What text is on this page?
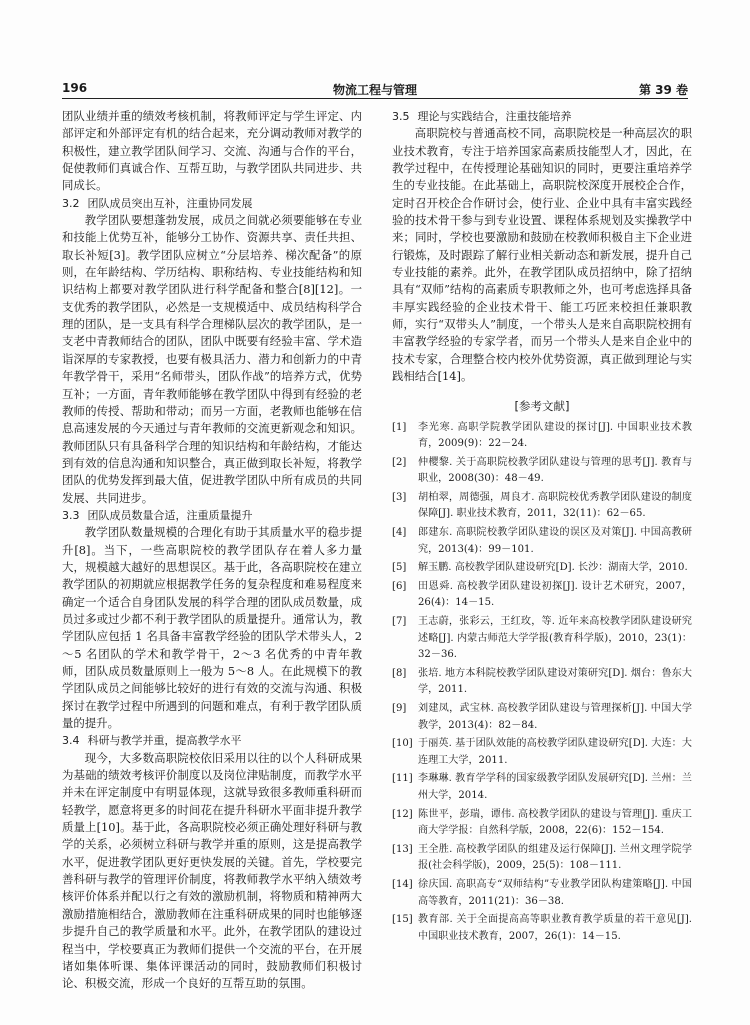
196	物流工程与管理	第 39 卷

团队业绩并重的绩效考核机制，将教师评定与学生评定、内部评定和外部评定有机的结合起来，充分调动教师对教学的积极性，建立教学团队间学习、交流、沟通与合作的平台，促使教师们真诚合作、互帮互助，与教学团队共同进步、共同成长。

3.2 团队成员突出互补，注重协同发展

教学团队要想蓬勃发展，成员之间就必须要能够在专业和技能上优势互补，能够分工协作、资源共享、责任共担、取长补短[3]。教学团队应树立“分层培养、梯次配备”的原则，在年龄结构、学历结构、职称结构、专业技能结构和知识结构上都要对教学团队进行科学配备和整合[8][12]。一支优秀的教学团队，必然是一支规模适中、成员结构科学合理的团队，是一支具有科学合理梯队层次的教学团队，是一支老中青教师结合的团队，团队中既要有经验丰富、学术造诣深厚的专家教授，也要有极具活力、潜力和创新力的中青年教学骨干，采用“名师带头，团队作战”的培养方式，优势互补；一方面，青年教师能够在教学团队中得到有经验的老教师的传授、帮助和带动；而另一方面，老教师也能够在信息高速发展的今天通过与青年教师的交流更新观念和知识。教师团队只有具备科学合理的知识结构和年龄结构，才能达到有效的信息沟通和知识整合，真正做到取长补短，将教学团队的优势发挥到最大值，促进教学团队中所有成员的共同发展、共同进步。

3.3 团队成员数量合适，注重质量提升

教学团队数量规模的合理化有助于其质量水平的稳步提升[8]。当下，一些高职院校的教学团队存在着人多力量大，规模越大越好的思想误区。基于此，各高职院校在建立教学团队的初期就应根据教学任务的复杂程度和难易程度来确定一个适合自身团队发展的科学合理的团队成员数量，成员过多或过少都不利于教学团队的质量提升。通常认为，教学团队应包括 1 名具备丰富教学经验的团队学术带头人，2～5 名团队的学术和教学骨干，2～3 名优秀的中青年教师，团队成员数量原则上一般为 5～8 人。在此规模下的教学团队成员之间能够比较好的进行有效的交流与沟通、积极探讨在教学过程中所遇到的问题和难点，有利于教学团队质量的提升。

3.4 科研与教学并重，提高教学水平

现今，大多数高职院校依旧采用以往的以个人科研成果为基础的绩效考核评价制度以及岗位津贴制度，而教学水平并未在评定制度中有明显体现，这就导致很多教师重科研而轻教学，愿意将更多的时间花在提升科研水平面非提升教学质量上[10]。基于此，各高职院校必须正确处理好科研与教学的关系，必须树立科研与教学并重的原则，这是提高教学水平，促进教学团队更好更快发展的关键。首先，学校要完善科研与教学的管理评价制度，将教师教学水平纳入绩效考核评价体系并配以行之有效的激励机制，将物质和精神两大激励措施相结合，激励教师在注重科研成果的同时也能够逐步提升自己的教学质量和水平。此外，在教学团队的建设过程当中，学校要真正为教师们提供一个交流的平台，在开展诸如集体听课、集体评课活动的同时，鼓励教师们积极讨论、积极交流，形成一个良好的互帮互助的氛围。

3.5 理论与实践结合，注重技能培养

高职院校与普通高校不同，高职院校是一种高层次的职业技术教育，专注于培养国家高素质技能型人才，因此，在教学过程中，在传授理论基础知识的同时，更要注重培养学生的专业技能。在此基础上，高职院校深度开展校企合作，定时召开校企合作研讨会，使行业、企业中具有丰富实践经验的技术骨干参与到专业设置、课程体系规划及实操教学中来；同时，学校也要激励和鼓励在校教师积极自主下企业进行锻炼，及时跟踪了解行业相关新动态和新发展，提升自己专业技能的素养。此外，在教学团队成员招纳中，除了招纳具有“双师”结构的高素质专职教师之外，也可考虑选择具备丰厚实践经验的企业技术骨干、能工巧匠来校担任兼职教师，实行“双带头人”制度，一个带头人是来自高职院校拥有丰富教学经验的专家学者，而另一个带头人是来自企业中的技术专家，合理整合校内校外优势资源，真正做到理论与实践相结合[14]。

[参考文献]
[1] 李光寒. 高职学院教学团队建设的探讨[J]. 中国职业技术教育，2009(9)：22－24.
[2] 仲樱黎. 关于高职院校教学团队建设与管理的思考[J]. 教育与职业，2008(30)：48－49.
[3] 胡柏翠，周德强，周良才. 高职院校优秀教学团队建设的制度保障[J]. 职业技术教育，2011，32(11)：62－65.
[4] 郎建东. 高职院校教学团队建设的误区及对策[J]. 中国高教研究，2013(4)：99－101.
[5] 解玉鹏. 高校教学团队建设研究[D]. 长沙：湖南大学，2010.
[6] 田恩舜. 高校教学团队建设初探[J]. 设计艺术研究，2007，26(4)：14－15.
[7] 王志蔚，张彩云，王红玫，等. 近年来高校教学团队建设研究述略[J]. 内蒙古师范大学学报(教育科学版)，2010，23(1)：32－36.
[8] 张培. 地方本科院校教学团队建设对策研究[D]. 烟台：鲁东大学，2011.
[9] 刘建凤，武宝林. 高校教学团队建设与管理探析[J]. 中国大学教学，2013(4)：82－84.
[10] 于丽英. 基于团队效能的高校教学团队建设研究[D]. 大连：大连理工大学，2011.
[11] 李琳琳. 教育学学科的国家级教学团队发展研究[D]. 兰州：兰州大学，2014.
[12] 陈世平，彭瑞，谭伟. 高校教学团队的建设与管理[J]. 重庆工商大学学报：自然科学版，2008，22(6)：152－154.
[13] 王全胜. 高校教学团队的组建及运行保障[J]. 兰州文理学院学报(社会科学版)，2009，25(5)：108－111.
[14] 徐庆国. 高职高专“双师结构”专业教学团队构建策略[J]. 中国高等教育，2011(21)：36－38.
[15] 教育部. 关于全面提高高等职业教育教学质量的若干意见[J]. 中国职业技术教育，2007，26(1)：14－15.
